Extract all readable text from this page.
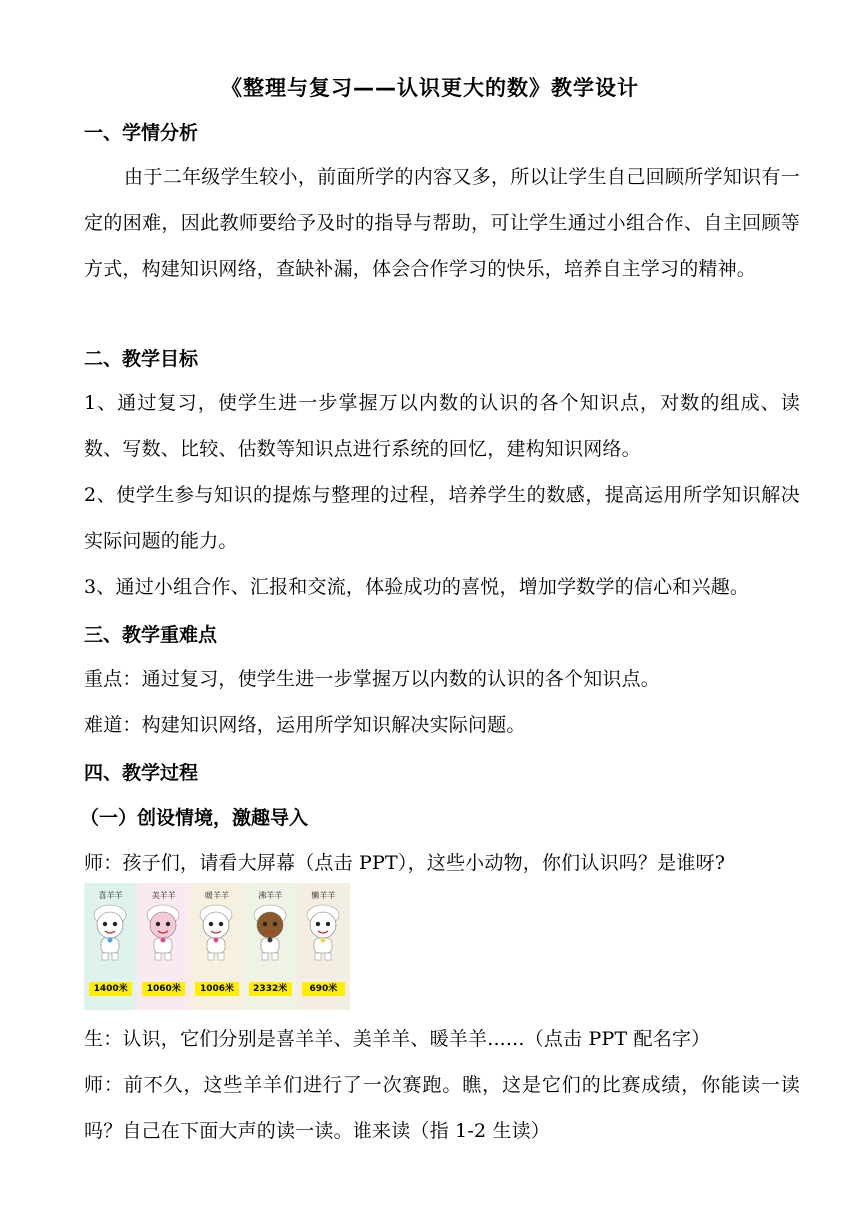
《整理与复习——认识更大的数》教学设计
一、学情分析
由于二年级学生较小，前面所学的内容又多，所以让学生自己回顾所学知识有一定的困难，因此教师要给予及时的指导与帮助，可让学生通过小组合作、自主回顾等方式，构建知识网络，查缺补漏，体会合作学习的快乐，培养自主学习的精神。
二、教学目标
1、通过复习，使学生进一步掌握万以内数的认识的各个知识点，对数的组成、读数、写数、比较、估数等知识点进行系统的回忆，建构知识网络。
2、使学生参与知识的提炼与整理的过程，培养学生的数感，提高运用所学知识解决实际问题的能力。
3、通过小组合作、汇报和交流，体验成功的喜悦，增加学数学的信心和兴趣。
三、教学重难点
重点：通过复习，使学生进一步掌握万以内数的认识的各个知识点。
难道：构建知识网络，运用所学知识解决实际问题。
四、教学过程
（一）创设情境，激趣导入
师：孩子们，请看大屏幕（点击 PPT），这些小动物，你们认识吗？是谁呀?
喜羊羊
1400米
美羊羊
1060米
暖羊羊
1006米
沸羊羊
2332米
懒羊羊
690米
生：认识，它们分别是喜羊羊、美羊羊、暖羊羊......（点击 PPT 配名字）
师：前不久，这些羊羊们进行了一次赛跑。瞧，这是它们的比赛成绩，你能读一读吗？自己在下面大声的读一读。谁来读（指 1-2 生读）
